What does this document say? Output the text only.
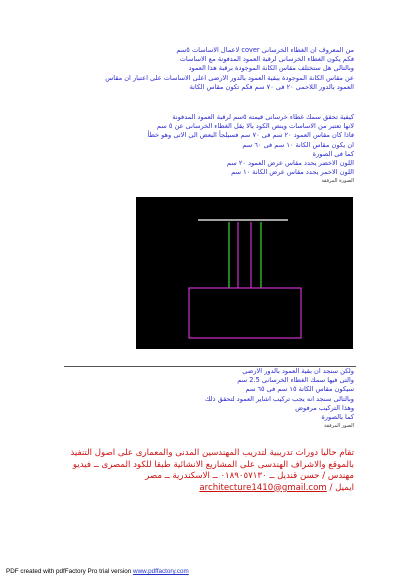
من المعروف ان الغطاء الخرسانى cover لاعمال الاساسات ٥سم
فكم يكون الغطاء الخرسانى لرقبة العمود المدفونة مع الاساسات
وبالتالى هل ستختلف مقاس الكانة الموجودة برقبة هذا العمود
عن مقاس الكانة الموجودة ببقية العمود بالدور الارضى اعلى الاساسات على اعتبار ان مقاس
العمود بالدور اللاحمى ٢٠ فى ٧٠ سم فكم تكون مقاس الكانة
كيفية تحقق سمك غطاء خرسانى قيمته ٥سم لرقبة العمود المدفونة
لانها تعتبر من الاساسات وينص الكود بالا يقل الغطاء الخرسانى عن ٥ سم
فاذا كان مقاس العمود ٢٠ سم فى ٧٠ سم فسيلجأ البعض الى الاتى وهو خطأ
ان يكون مقاس الكانة ١٠ سم فى ٦٠ سم
كما فى الصورة
اللون الاخضر يحدد مقاس عرض العمود ٢٠ سم
اللون الاحمر يحدد مقاس عرض الكانة ١٠ سم
الصورة المرفقة
ولكن سنجد ان بقية العمود بالدور الارضى
والتى فيها سمك الغطاء الخرسانى 2.5 سم
سيكون مقاس الكانة ١٥ سم فى ٦٥ سم
وبالتالى سنجد انه يجب تركيب اشاير العمود لتحقق ذلك
وهذا التركيب مرفوض
كما بالصورة
الصور المرفقة
تقام حاليا دورات تدريبية لتدريب المهندسين المدنى والمعمارى على اصول التنفيذ
بالموقع والاشراف الهندسى على المشاريع الانشائية طبقا للكود المصرى ــ فيديو
مهندس / حسن قنديل ــ ٠١٨٩٠٥٧١٣٠ ــ الاسكندرية ــ مصر
ايميل / architecture1410@gmail.com
PDF created with pdfFactory Pro trial version www.pdffactory.com
